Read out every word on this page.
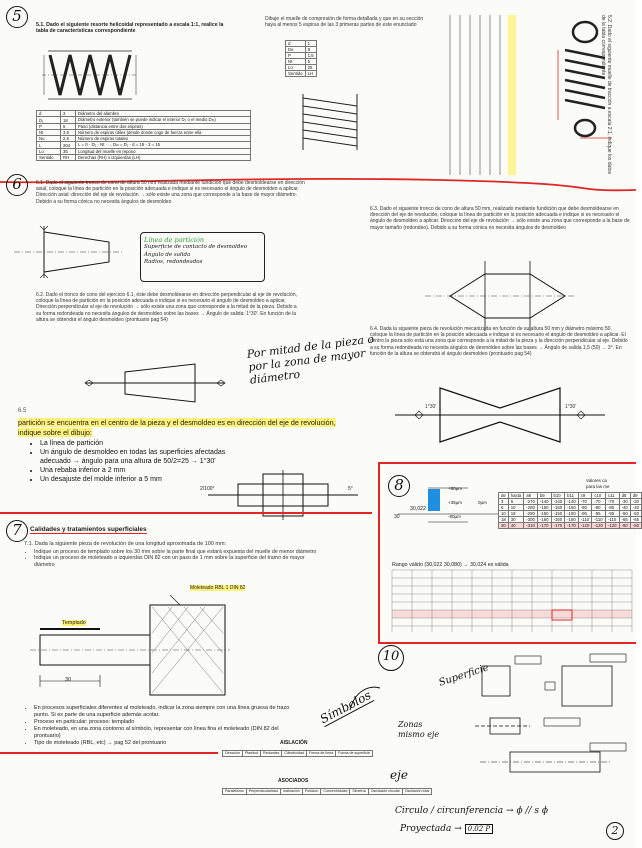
5	5.1. Dado el siguiente resorte helicoidal representado a escala 1:1, realice la tabla de características correspondiente
d	3	Diámetro del alambre
D₁	18	Diámetro exterior (también se puede indicar el interior D₂ o el medio Dₘ)
P	6	Paso (distancia entre dos espiras)
Nt	3,5	Número de espiras útiles (desde donde coge de fuerza entre ella
Nu	2,5	Número de espiras totales
L	204	L = π · D₁ · Nt · ... Dₘ = D₁ - d = 18 - 3 = 15
Lo	35	Longitud del muelle en reposo
Sentido	RH	Derechas (RH) o izquierdas (LH)
Dibuje el muelle de compresión de forma detallada y que en su sección haya al menos 5 espiras de las 3 primeras partes de este enunciado
d	1
De	8
P	1,5
Nt	5
Lo	25
Sentido	LH	5.2. Dado el siguiente muelle de tracción a escala 2:1, indique los datos de la tabla correspondiente
6	6.1. Dado el siguiente tronco de cono de altura 50 mm realizada mediante fundición que debe desmoldearse en dirección axial, coloque la línea de partición en la posición adecuada e indique si es necesario el ángulo de desmoldeo a aplicar. Dirección axial: dirección del eje de revolución → sólo existe una zona que corresponde a la base de mayor diámetro. Debido a su forma cónica no necesita ángulos de desmoldeo
Línea de partición
Superficie de contacto de desmoldeo
Ángulo de salida
Radios, redondeados
6.2. Dado el tronco de cono del ejercicio 6.1, éste debe desmoldearse en dirección perpendicular al eje de revolución, coloque la línea de partición en la posición adecuada e indique si es necesario el ángulo de desmoldeo a aplicar. Dirección perpendicular al eje de revolución → sólo existe una zona que corresponde a la mitad de la pieza. Debido a su forma redondeada no necesita ángulos de desmoldeo sobre las bases → Ángulo de salida: 1°30'. En función de la altura se obtendrá el ángulo desmoldeo (prontuario pag 54)
Por mitad de la pieza o por la zona de mayor diámetro
6.3. Dado el siguiente tronco de cono de altura 50 mm, realizado mediante fundición que debe desmoldearse en dirección del eje de revolución, coloque la línea de partición en la posición adecuada e indique si es necesario el ángulo de desmoldeo a aplicar. Dirección del eje de revolución → sólo existe una zona que corresponde a la base de mayor tamaño (redondeo). Debido a su forma cónica no necesita ángulos de desmoldeo
6.4. Dada la siguiente pieza de revolución mecanizada en función de su altura 50 mm y diámetro máximo 50, coloque la línea de partición en la posición adecuada e indique si es necesario el ángulo de desmoldeo a aplicar. El centro la pieza solo está una zona que corresponde a la mitad de la pieza y la dirección perpendicular al eje. Debido a su forma redondeada no necesita ángulos de desmoldeo sobre las bases → Ángulo de salida 1,5 (50) → 3°. En función de la altura se obtendrá el ángulo desmoldeo (prontuario pag 54)
1°30'	1°30'
6.5
partición se encuentra en el centro de la pieza y el desmoldeo es en dirección del eje de revolución, indique sobre el dibujo:
• La línea de partición
• Un ángulo de desmoldeo en todas las superficies afectadas adecuado → ángulo para una altura de 50/2=25 → 1°30'
• Una rebaba inferior a 2 mm
• Un desajuste del molde inferior a 5 mm
2/100°	5°
7	Calidades y tratamientos superficiales
7.1. Dada la siguiente pieza de revolución de una longitud aproximada de 100 mm:
• Indique un proceso de templado sobre los 30 mm sobre la parte final que estará expuesta del muelle de menor diámetro
• Indique un proceso de moleteado a izquierdas DIN 82 con un paso de 1 mm sobre la superficie del tramo de mayor diámetro
Moleteado RBL 1 DIN 82
Templado
30
• En procesos superficiales diferentes al moleteado, indicar la zona siempre con una línea gruesa de trazo punto. Si es parte de una superficie además acotar.
• Proceso en particular: proceso: templado
• En moleteado, en una zona contorno al símbolo, representar con línea fina el moleteado (DIN 82 del prontuario)
• Tipo de moleteado (RBL, etc) → pag 52 del prontuario	AISLACIÓN
Dirección	Planitud	Redondez	Cilindricidad	Forma de línea	Forma de superficie
ASOCIADOS
Paralelismo	Perpendicularidad	Inclinación	Posición	Concentricidad	Simetría	Oscilación circular	Oscilación total
8	+80µm
+35µm
-80µm
0µm
30
30,022
Valores ca
para las me
de	hasta	a9	b9	b10	b11	c9	c10	c11	d8	d9
3	6	-270	-140	-140	-140	-70	-70	-70	-30	-30
6	10	-280	-150	-150	-150	-80	-80	-80	-40	-40
10	18	-290	-150	-150	-150	-95	-95	-95	-50	-50
18	30	-300	-160	-160	-160	-110	-110	-110	-65	-65
30	40	-310	-170	-170	-170	-120	-120	-120	-80	-80
Rango válido (30,022 30,080) → 30,024 es válida
10
Superficie
Zonas mismo eje
Símbolos
eje
Circulo / circunferencia → ϕ // s ϕ
Proyectada → 0.02 P	2
